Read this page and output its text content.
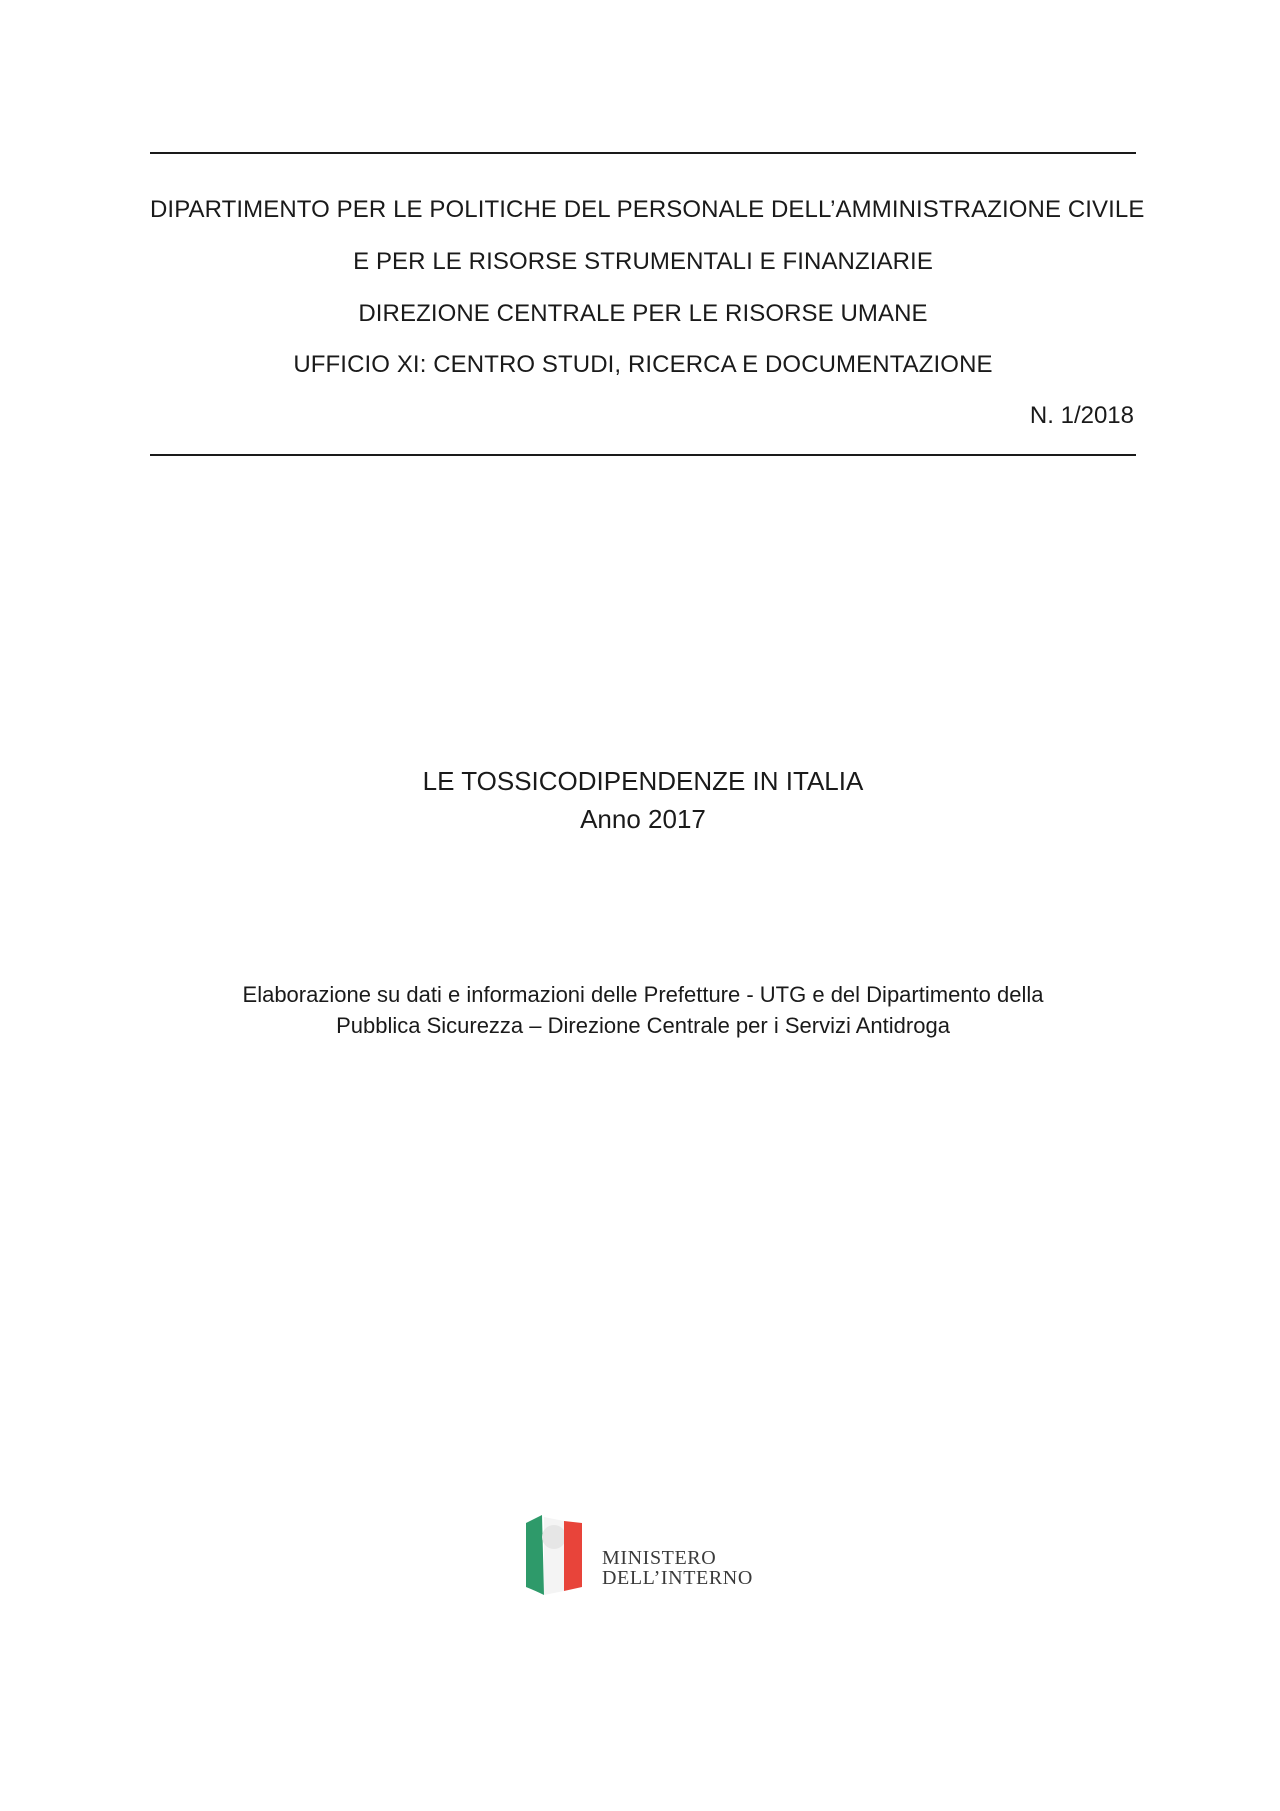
DIPARTIMENTO PER LE POLITICHE DEL PERSONALE DELL’AMMINISTRAZIONE CIVILE
E PER LE RISORSE STRUMENTALI E FINANZIARIE
DIREZIONE CENTRALE PER LE RISORSE UMANE
UFFICIO XI: CENTRO STUDI, RICERCA E DOCUMENTAZIONE
N. 1/2018
LE TOSSICODIPENDENZE IN ITALIA
Anno 2017
Elaborazione su dati e informazioni delle Prefetture - UTG e del Dipartimento della
Pubblica Sicurezza – Direzione Centrale per i Servizi Antidroga
MINISTERO
DELL’INTERNO
